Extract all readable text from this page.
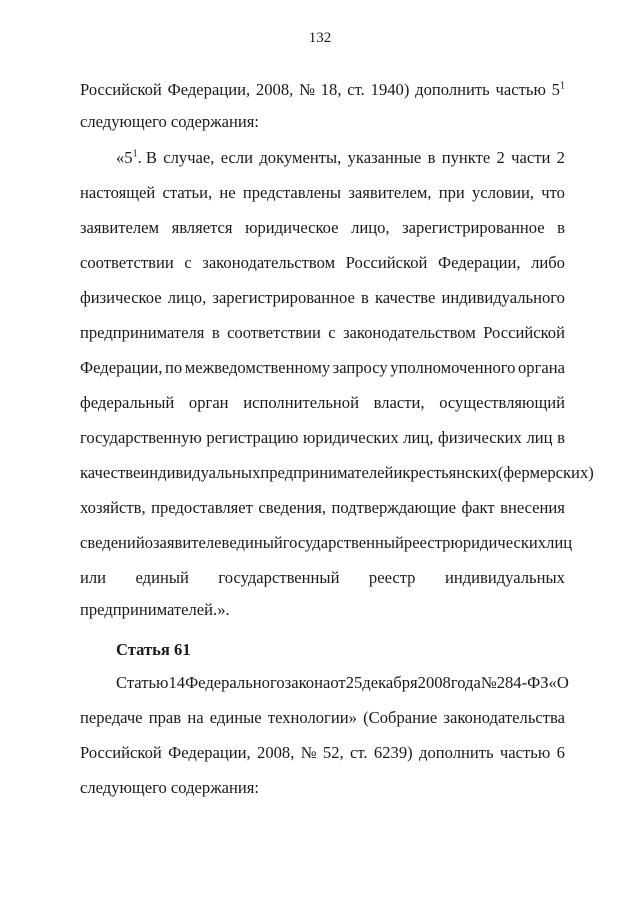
132
Российской Федерации, 2008, № 18, ст. 1940) дополнить частью $5^1$
следующего содержания:
«$5^1$. В случае, если документы, указанные в пункте 2 части 2
настоящей статьи, не представлены заявителем, при условии, что
заявителем является юридическое лицо, зарегистрированное в
соответствии с законодательством Российской Федерации, либо
физическое лицо, зарегистрированное в качестве индивидуального
предпринимателя в соответствии с законодательством Российской
Федерации, по межведомственному запросу уполномоченного органа
федеральный орган исполнительной власти, осуществляющий
государственную регистрацию юридических лиц, физических лиц в
качестве индивидуальных предпринимателей и крестьянских (фермерских)
хозяйств, предоставляет сведения, подтверждающие факт внесения
сведений о заявителе в единый государственный реестр юридических лиц
или единый государственный реестр индивидуальных
предпринимателей.».
Статья 61
Статью 14 Федерального закона от 25 декабря 2008 года № 284-ФЗ «О
передаче прав на единые технологии» (Собрание законодательства
Российской Федерации, 2008, № 52, ст. 6239) дополнить частью 6
следующего содержания:
